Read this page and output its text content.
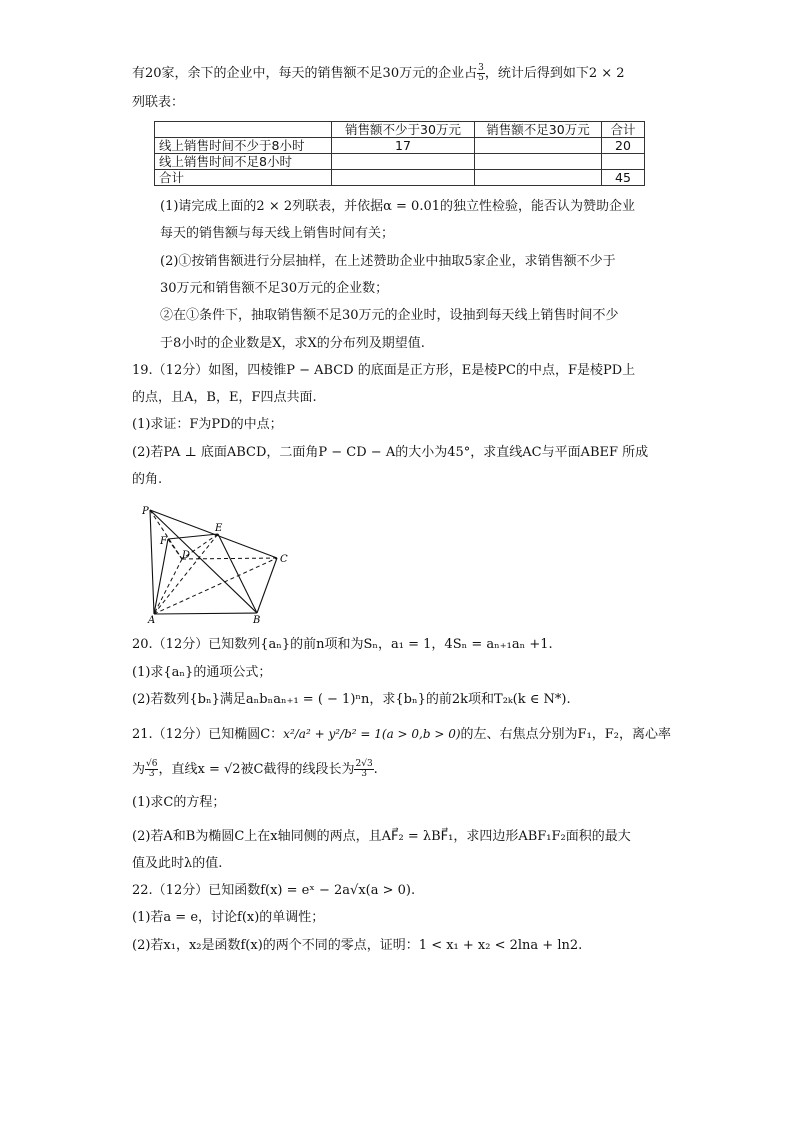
有20家，余下的企业中，每天的销售额不足30万元的企业占 $\frac{3}{5}$ ，统计后得到如下2 × 2
列联表：
	销售额不少于30万元	销售额不足30万元	合计
线上销售时间不少于8小时	17		20
线上销售时间不足8小时			
合计			45
(1)请完成上面的2 × 2列联表，并依据α = 0.01的独立性检验，能否认为赞助企业
每天的销售额与每天线上销售时间有关；
(2)①按销售额进行分层抽样，在上述赞助企业中抽取5家企业，求销售额不少于
30万元和销售额不足30万元的企业数；
②在①条件下，抽取销售额不足30万元的企业时，设抽到每天线上销售时间不少
于8小时的企业数是X，求X的分布列及期望值.
19.（12分）如图，四棱锥P − ABCD 的底面是正方形，E是棱PC的中点，F是棱PD上
的点，且A，B，E，F四点共面.
(1)求证：F为PD的中点；
(2)若PA ⊥ 底面ABCD，二面角P − CD − A的大小为45°，求直线AC与平面ABEF 所成
的角.
P
E
F
D	C
A	B
20.（12分）已知数列{aₙ}的前n项和为Sₙ，a₁ = 1，4Sₙ = aₙ₊₁aₙ +1.
(1)求{aₙ}的通项公式；
(2)若数列{bₙ}满足aₙbₙaₙ₊₁ = ( − 1)ⁿn，求{bₙ}的前2k项和T₂ₖ(k ∈ N*).
21.（12分）已知椭圆C：x²/a² + y²/b² = 1(a > 0,b > 0)的左、右焦点分别为F₁，F₂，离心率
为 $\frac{√6}{3}$ ，直线x = √2被C截得的线段长为 $\frac{2√3}{3}$ .
(1)求C的方程；
(2)若A和B为椭圆C上在x轴同侧的两点，且AF⃗₂ = λBF⃗₁，求四边形ABF₁F₂面积的最大
值及此时λ的值.
22.（12分）已知函数f(x) = eˣ − 2a√x(a > 0).
(1)若a = e，讨论f(x)的单调性；
(2)若x₁，x₂是函数f(x)的两个不同的零点，证明：1 < x₁ + x₂ < 2lna + ln2.
